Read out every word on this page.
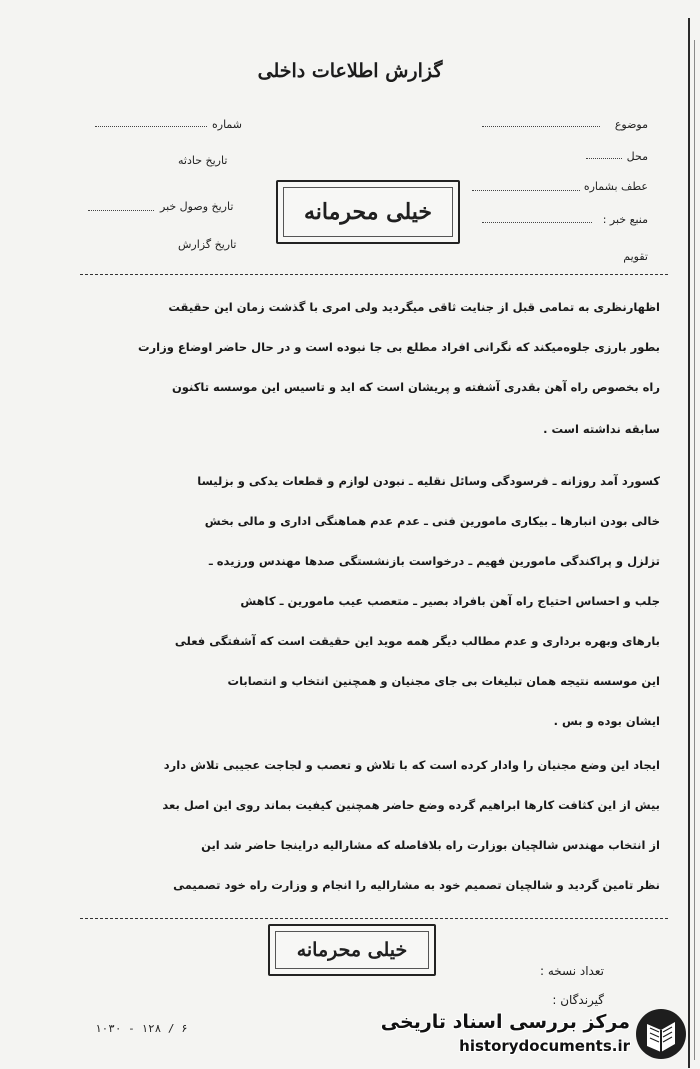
گزارش اطلاعات داخلی
موضوع
محل
عطف بشماره
منبع خبر :
تقویم
شماره
تاریخ حادثه
تاریخ وصول خبر
تاریخ گزارش
خیلی محرمانه
اظهارنظری به تمامی قبل از جنایت ثاقی میگردید ولی امری با گذشت زمان این حقیقت
بطور بارزی جلوه‌میکند که نگرانی افراد مطلع بی جا نبوده است و در حال حاضر اوضاع وزارت
راه بخصوص راه آهن بقدری آشفته و پریشان است که اید و تاسیس این موسسه تاکنون
سابقه نداشته است .
کسورد آمد روزانه ـ فرسودگی وسائل نقلیه ـ نبودن لوازم و قطعات یدکی و بزلیسا
خالی بودن انبارها ـ بیکاری مامورین فنی ـ عدم عدم هماهنگی اداری و مالی بخش
تزلزل و پراکندگی مامورین فهیم ـ درخواست بازنشستگی صدها مهندس ورزیده ـ
جلب و احساس احتیاج راه آهن بافراد بصیر ـ متعصب عیب مامورین ـ کاهش
بارهای وبهره برداری و عدم مطالب دیگر همه موید این حقیقت است که آشفتگی فعلی
این موسسه نتیجه همان تبلیغات بی جای مجنیان و همچنین انتخاب و انتصابات
ایشان بوده و بس .
ایجاد این وضع مجنیان را وادار کرده است که با تلاش و تعصب و لجاجت عجیبی تلاش دارد
بیش از این کثافت کارها ابراهیم گرده وضع حاضر همچنین کیفیت بماند روی این اصل بعد
از انتخاب مهندس شالچیان بوزارت راه بلافاصله که مشارالیه دراینجا حاضر شد این
نظر تامین گردید و شالچیان تصمیم خود به مشارالیه را انجام و وزارت راه خود تصمیمی
خیلی محرمانه
تعداد نسخه :
گیرندگان :
۱۰۳۰ - ۱۲۸ / ۶	مرکز بررسی اسناد تاریخی
historydocuments.ir
